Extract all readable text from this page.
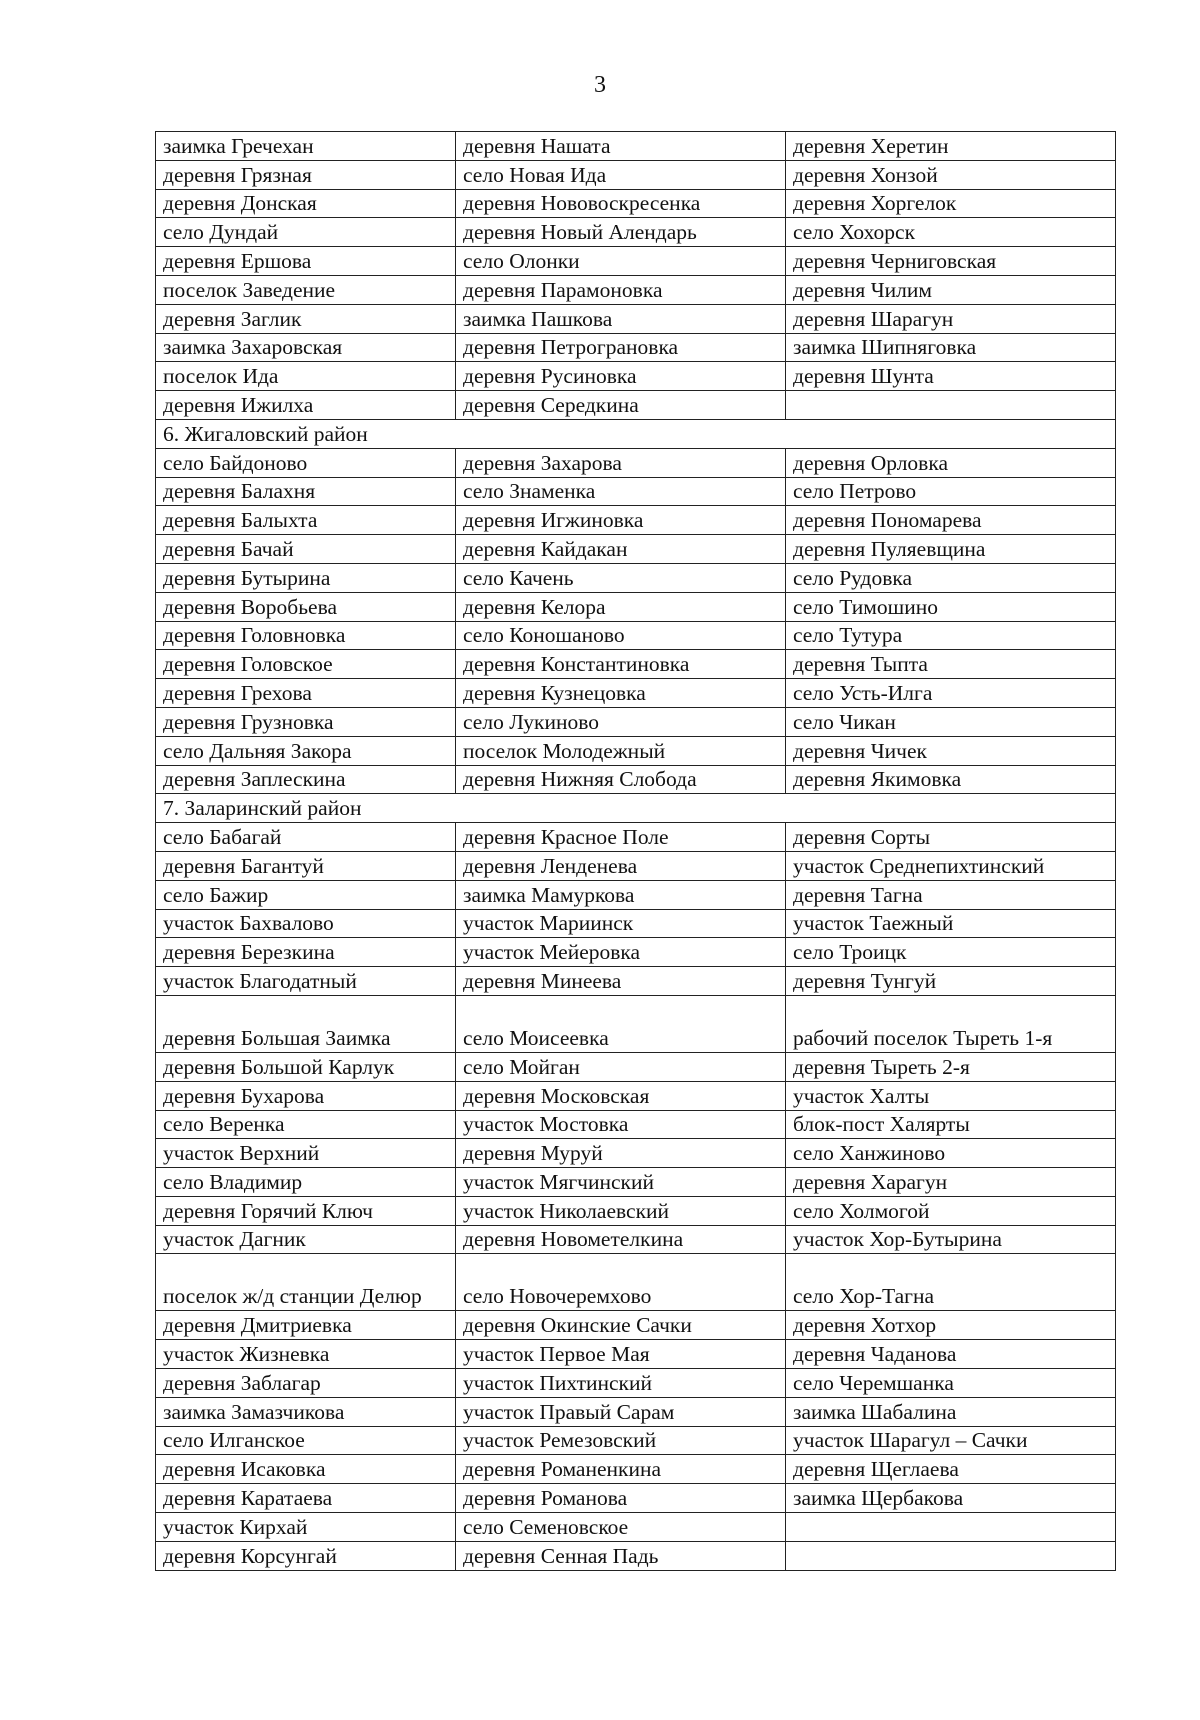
3
заимка Гречехан	деревня Нашата	деревня Херетин
деревня Грязная	село Новая Ида	деревня Хонзой
деревня Донская	деревня Нововоскресенка	деревня Хоргелок
село Дундай	деревня Новый Алендарь	село Хохорск
деревня Ершова	село Олонки	деревня Черниговская
поселок Заведение	деревня Парамоновка	деревня Чилим
деревня Заглик	заимка Пашкова	деревня Шарагун
заимка Захаровская	деревня Петрограновка	заимка Шипняговка
поселок Ида	деревня Русиновка	деревня Шунта
деревня Ижилха	деревня Середкина	
6. Жигаловский район		
село Байдоново	деревня Захарова	деревня Орловка
деревня Балахня	село Знаменка	село Петрово
деревня Балыхта	деревня Игжиновка	деревня Пономарева
деревня Бачай	деревня Кайдакан	деревня Пуляевщина
деревня Бутырина	село Качень	село Рудовка
деревня Воробьева	деревня Келора	село Тимошино
деревня Головновка	село Коношаново	село Тутура
деревня Головское	деревня Константиновка	деревня Тыпта
деревня Грехова	деревня Кузнецовка	село Усть-Илга
деревня Грузновка	село Лукиново	село Чикан
село Дальняя Закора	поселок Молодежный	деревня Чичек
деревня Заплескина	деревня Нижняя Слобода	деревня Якимовка
7. Заларинский район		
село Бабагай	деревня Красное Поле	деревня Сорты
деревня Багантуй	деревня Ленденева	участок Среднепихтинский
село Бажир	заимка Мамуркова	деревня Тагна
участок Бахвалово	участок Мариинск	участок Таежный
деревня Березкина	участок Мейеровка	село Троицк
участок Благодатный	деревня Минеева	деревня Тунгуй
деревня Большая Заимка	село Моисеевка	рабочий поселок Тыреть 1-я
деревня Большой Карлук	село Мойган	деревня Тыреть 2-я
деревня Бухарова	деревня Московская	участок Халты
село Веренка	участок Мостовка	блок-пост Халярты
участок Верхний	деревня Муруй	село Ханжиново
село Владимир	участок Мягчинский	деревня Харагун
деревня Горячий Ключ	участок Николаевский	село Холмогой
участок Дагник	деревня Новометелкина	участок Хор-Бутырина
поселок ж/д станции Делюр	село Новочеремхово	село Хор-Тагна
деревня Дмитриевка	деревня Окинские Сачки	деревня Хотхор
участок Жизневка	участок Первое Мая	деревня Чаданова
деревня Заблагар	участок Пихтинский	село Черемшанка
заимка Замазчикова	участок Правый Сарам	заимка Шабалина
село Илганское	участок Ремезовский	участок Шарагул – Сачки
деревня Исаковка	деревня Романенкина	деревня Щеглаева
деревня Каратаева	деревня Романова	заимка Щербакова
участок Кирхай	село Семеновское	
деревня Корсунгай	деревня Сенная Падь	
